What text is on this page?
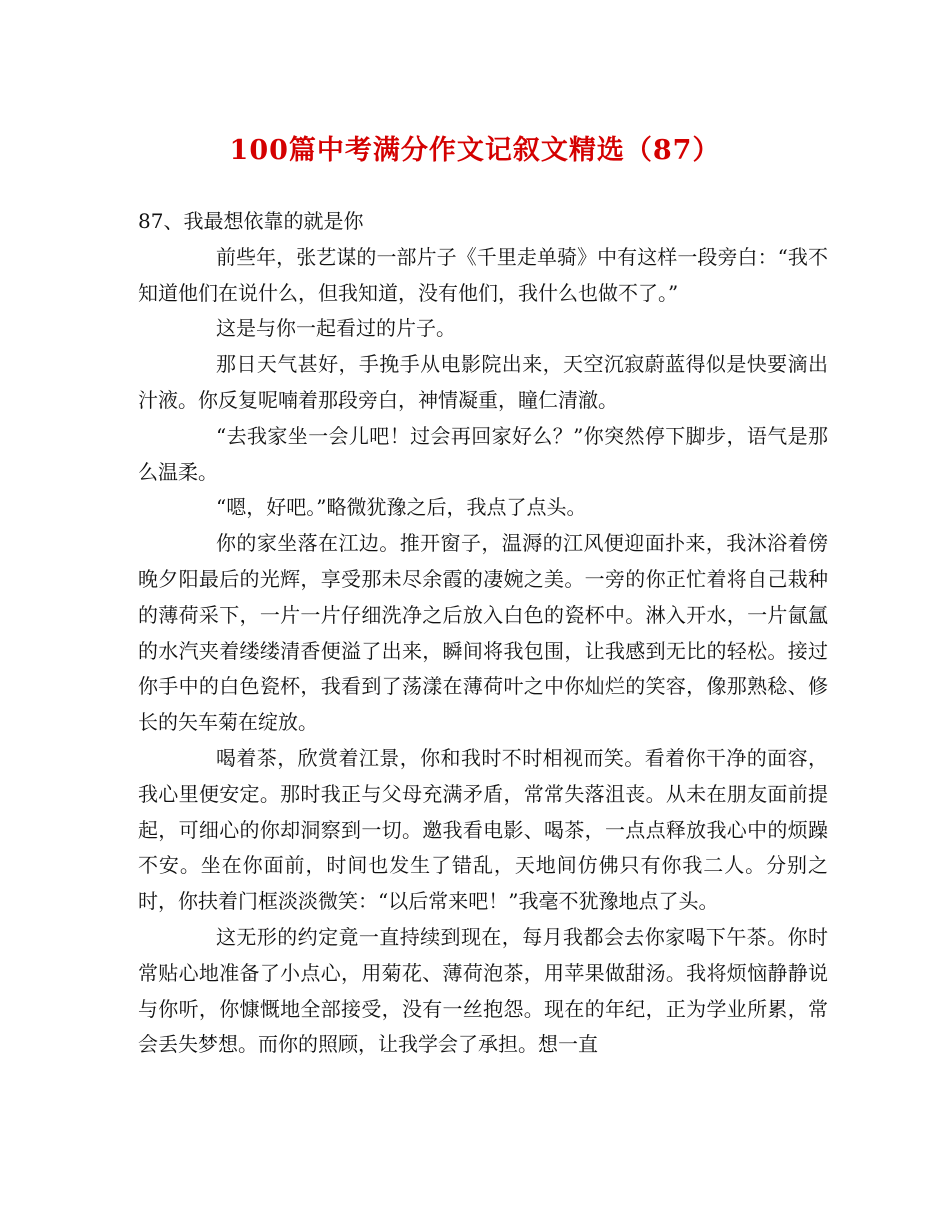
100篇中考满分作文记叙文精选（87）

87、我最想依靠的就是你

前些年，张艺谋的一部片子《千里走单骑》中有这样一段旁白：“我不知道他们在说什么，但我知道，没有他们，我什么也做不了。”

这是与你一起看过的片子。

那日天气甚好，手挽手从电影院出来，天空沉寂蔚蓝得似是快要滴出汁液。你反复呢喃着那段旁白，神情凝重，瞳仁清澈。

“去我家坐一会儿吧！过会再回家好么？”你突然停下脚步，语气是那么温柔。

“嗯，好吧。”略微犹豫之后，我点了点头。

你的家坐落在江边。推开窗子，温溽的江风便迎面扑来，我沐浴着傍晚夕阳最后的光辉，享受那未尽余霞的凄婉之美。一旁的你正忙着将自己栽种的薄荷采下，一片一片仔细洗净之后放入白色的瓷杯中。淋入开水，一片氤氲的水汽夹着缕缕清香便溢了出来，瞬间将我包围，让我感到无比的轻松。接过你手中的白色瓷杯，我看到了荡漾在薄荷叶之中你灿烂的笑容，像那熟稔、修长的矢车菊在绽放。

喝着茶，欣赏着江景，你和我时不时相视而笑。看着你干净的面容，我心里便安定。那时我正与父母充满矛盾，常常失落沮丧。从未在朋友面前提起，可细心的你却洞察到一切。邀我看电影、喝茶，一点点释放我心中的烦躁不安。坐在你面前，时间也发生了错乱，天地间仿佛只有你我二人。分别之时，你扶着门框淡淡微笑：“以后常来吧！”我毫不犹豫地点了头。

这无形的约定竟一直持续到现在，每月我都会去你家喝下午茶。你时常贴心地准备了小点心，用菊花、薄荷泡茶，用苹果做甜汤。我将烦恼静静说与你听，你慷慨地全部接受，没有一丝抱怨。现在的年纪，正为学业所累，常会丢失梦想。而你的照顾，让我学会了承担。想一直
